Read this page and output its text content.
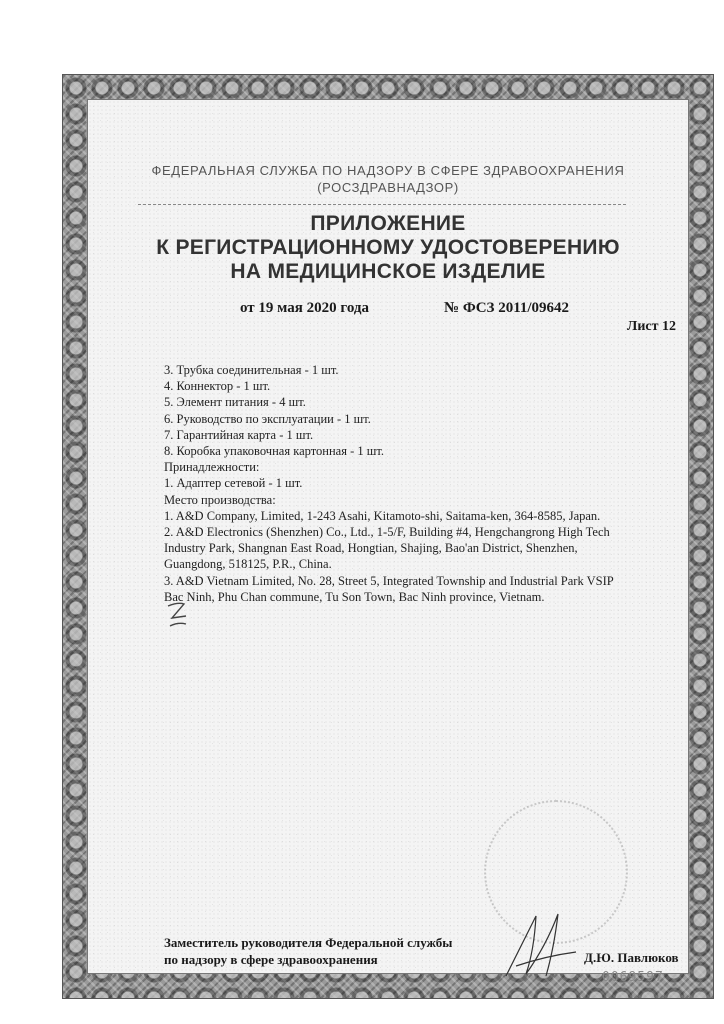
ФЕДЕРАЛЬНАЯ СЛУЖБА ПО НАДЗОРУ В СФЕРЕ ЗДРАВООХРАНЕНИЯ
(РОСЗДРАВНАДЗОР)
ПРИЛОЖЕНИЕ
К РЕГИСТРАЦИОННОМУ УДОСТОВЕРЕНИЮ
НА МЕДИЦИНСКОЕ ИЗДЕЛИЕ
от 19 мая 2020 года	№ ФСЗ 2011/09642
Лист 12

3. Трубка соединительная - 1 шт.

4. Коннектор - 1 шт.

5. Элемент питания - 4 шт.

6. Руководство по эксплуатации - 1 шт.

7. Гарантийная карта - 1 шт.

8. Коробка упаковочная картонная - 1 шт.

Принадлежности:

1. Адаптер сетевой - 1 шт.

Место производства:

1. A&D Company, Limited, 1-243 Asahi, Kitamoto-shi, Saitama-ken, 364-8585, Japan.

2. A&D Electronics (Shenzhen) Co., Ltd., 1-5/F, Building #4, Hengchangrong High Tech

Industry Park, Shangnan East Road, Hongtian, Shajing, Bao'an District, Shenzhen,

Guangdong, 518125, P.R., China.

3. A&D Vietnam Limited, No. 28, Street 5, Integrated Township and Industrial Park VSIP

Bac Ninh, Phu Chan commune, Tu Son Town, Bac Ninh province, Vietnam.

Заместитель руководителя Федеральной службы

по надзору в сфере здравоохранения	Д.Ю. Павлюков
0069597
